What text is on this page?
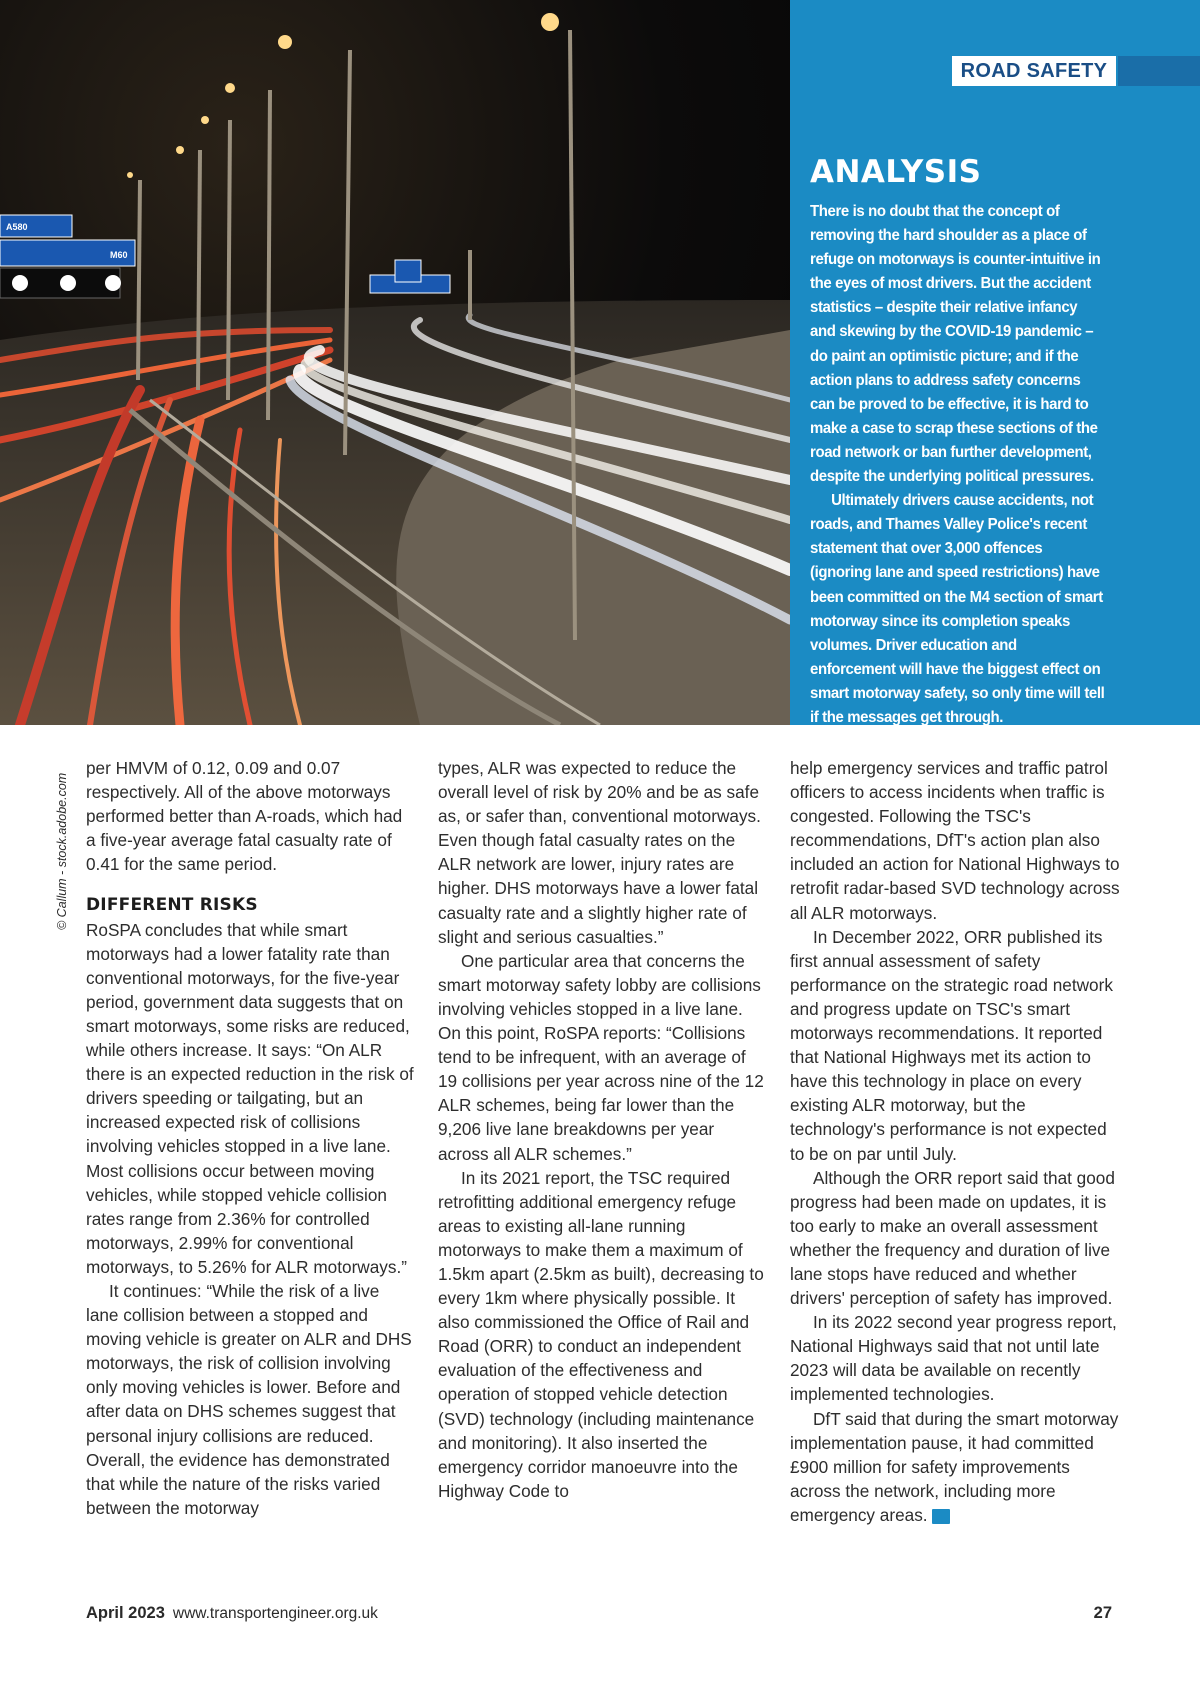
A580
M60
© Callum - stock.adobe.com
ROAD SAFETY
ANALYSIS

There is no doubt that the concept of removing the hard shoulder as a place of refuge on motorways is counter-intuitive in the eyes of most drivers. But the accident statistics – despite their relative infancy and skewing by the COVID-19 pandemic – do paint an optimistic picture; and if the action plans to address safety concerns can be proved to be effective, it is hard to make a case to scrap these sections of the road network or ban further development, despite the underlying political pressures.

Ultimately drivers cause accidents, not roads, and Thames Valley Police's recent statement that over 3,000 offences (ignoring lane and speed restrictions) have been committed on the M4 section of smart motorway since its completion speaks volumes. Driver education and enforcement will have the biggest effect on smart motorway safety, so only time will tell if the messages get through.

-Peter Shakespeare

per HMVM of 0.12, 0.09 and 0.07 respectively. All of the above motorways performed better than A-roads, which had a five-year average fatal casualty rate of 0.41 for the same period.

DIFFERENT RISKS

RoSPA concludes that while smart motorways had a lower fatality rate than conventional motorways, for the five-year period, government data suggests that on smart motorways, some risks are reduced, while others increase. It says: “On ALR there is an expected reduction in the risk of drivers speeding or tailgating, but an increased expected risk of collisions involving vehicles stopped in a live lane. Most collisions occur between moving vehicles, while stopped vehicle collision rates range from 2.36% for controlled motorways, 2.99% for conventional motorways, to 5.26% for ALR motorways.”

It continues: “While the risk of a live lane collision between a stopped and moving vehicle is greater on ALR and DHS motorways, the risk of collision involving only moving vehicles is lower. Before and after data on DHS schemes suggest that personal injury collisions are reduced. Overall, the evidence has demonstrated that while the nature of the risks varied between the motorway

types, ALR was expected to reduce the overall level of risk by 20% and be as safe as, or safer than, conventional motorways. Even though fatal casualty rates on the ALR network are lower, injury rates are higher. DHS motorways have a lower fatal casualty rate and a slightly higher rate of slight and serious casualties.”

One particular area that concerns the smart motorway safety lobby are collisions involving vehicles stopped in a live lane. On this point, RoSPA reports: “Collisions tend to be infrequent, with an average of 19 collisions per year across nine of the 12 ALR schemes, being far lower than the 9,206 live lane breakdowns per year across all ALR schemes.”

In its 2021 report, the TSC required retrofitting additional emergency refuge areas to existing all-lane running motorways to make them a maximum of 1.5km apart (2.5km as built), decreasing to every 1km where physically possible. It also commissioned the Office of Rail and Road (ORR) to conduct an independent evaluation of the effectiveness and operation of stopped vehicle detection (SVD) technology (including maintenance and monitoring). It also inserted the emergency corridor manoeuvre into the Highway Code to

help emergency services and traffic patrol officers to access incidents when traffic is congested. Following the TSC's recommendations, DfT's action plan also included an action for National Highways to retrofit radar-based SVD technology across all ALR motorways.

In December 2022, ORR published its first annual assessment of safety performance on the strategic road network and progress update on TSC's smart motorways recommendations. It reported that National Highways met its action to have this technology in place on every existing ALR motorway, but the technology's performance is not expected to be on par until July.

Although the ORR report said that good progress had been made on updates, it is too early to make an overall assessment whether the frequency and duration of live lane stops have reduced and whether drivers' perception of safety has improved.

In its 2022 second year progress report, National Highways said that not until late 2023 will data be available on recently implemented technologies.

DfT said that during the smart motorway implementation pause, it had committed £900 million for safety improvements across the network, including more emergency areas.	TE

April 2023 www.transportengineer.org.uk	27
